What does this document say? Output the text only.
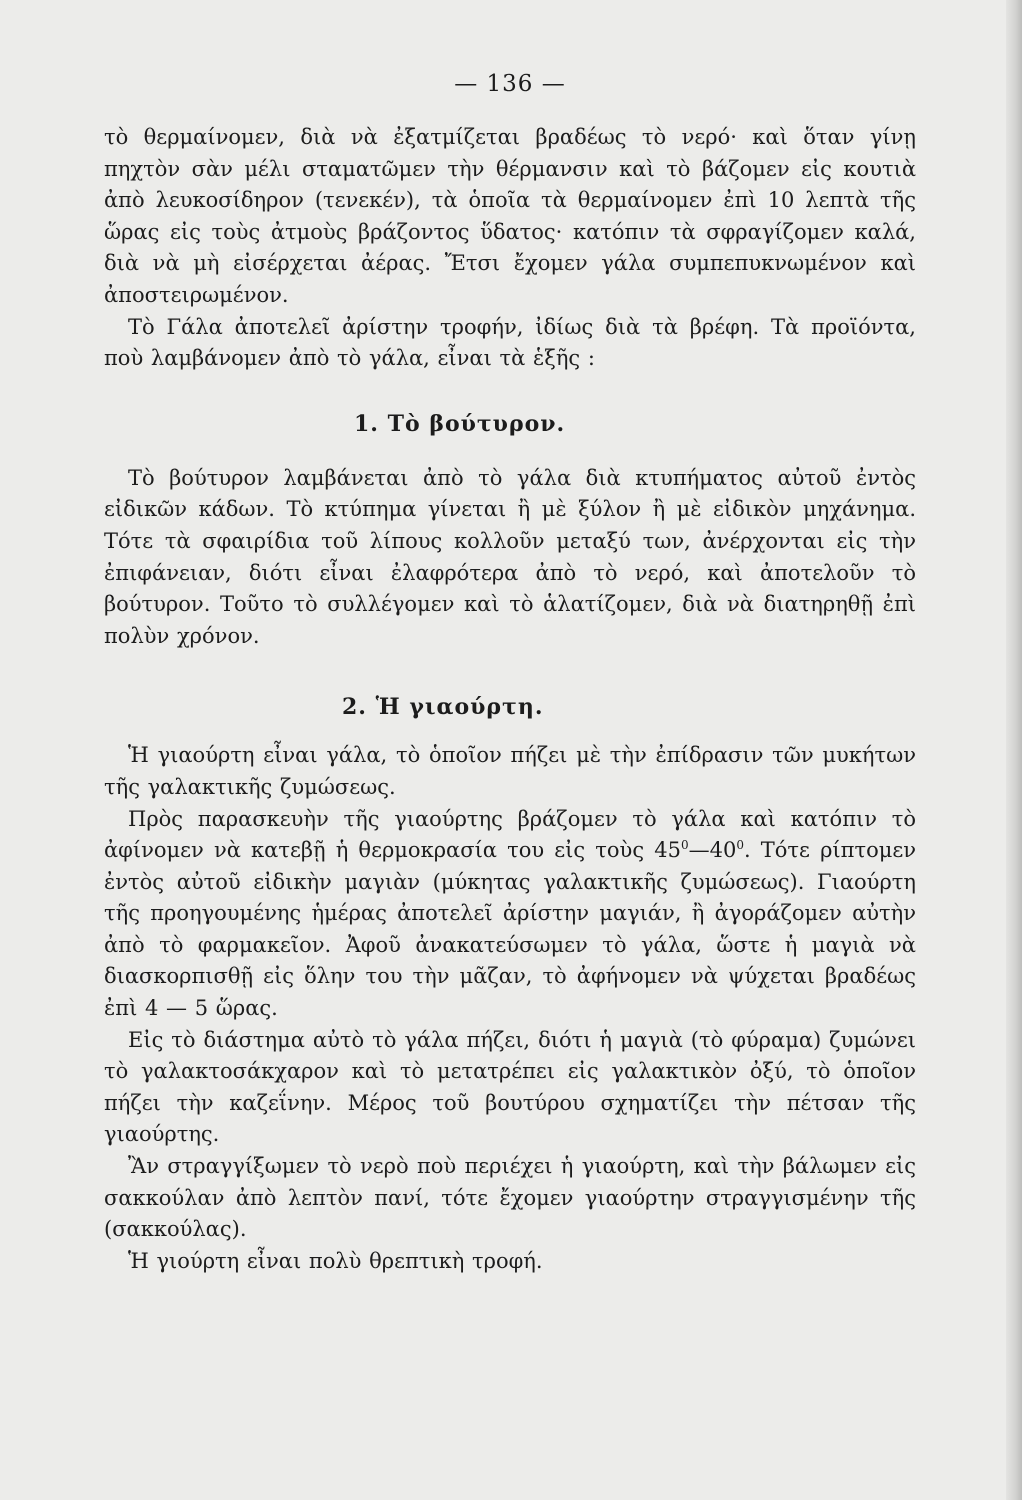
— 136 —

τὸ θερμαίνομεν, διὰ νὰ ἐξατμίζεται βραδέως τὸ νερό· καὶ ὅταν γίνῃ πηχτὸν σὰν μέλι σταματῶμεν τὴν θέρμανσιν καὶ τὸ βάζομεν εἰς κουτιὰ ἀπὸ λευκοσίδηρον (τενεκέν), τὰ ὁποῖα τὰ θερμαίνομεν ἐπὶ 10 λεπτὰ τῆς ὥρας εἰς τοὺς ἀτμοὺς βράζοντος ὕδατος· κατόπιν τὰ σφραγίζομεν καλά, διὰ νὰ μὴ εἰσέρχεται ἀέρας. Ἔτσι ἔχομεν γάλα συμπεπυκνωμένον καὶ ἀποστειρωμένον.

Τὸ Γάλα ἀποτελεῖ ἀρίστην τροφήν, ἰδίως διὰ τὰ βρέφη. Τὰ προϊόντα, ποὺ λαμβάνομεν ἀπὸ τὸ γάλα, εἶναι τὰ ἑξῆς :

1. Τὸ βούτυρον.

Τὸ βούτυρον λαμβάνεται ἀπὸ τὸ γάλα διὰ κτυπήματος αὐτοῦ ἐντὸς εἰδικῶν κάδων. Τὸ κτύπημα γίνεται ἢ μὲ ξύλον ἢ μὲ εἰδικὸν μηχάνημα. Τότε τὰ σφαιρίδια τοῦ λίπους κολλοῦν μεταξύ των, ἀνέρχονται εἰς τὴν ἐπιφάνειαν, διότι εἶναι ἐλαφρότερα ἀπὸ τὸ νερό, καὶ ἀποτελοῦν τὸ βούτυρον. Τοῦτο τὸ συλλέγομεν καὶ τὸ ἁλατίζομεν, διὰ νὰ διατηρηθῇ ἐπὶ πολὺν χρόνον.

2. Ἡ γιαούρτη.

Ἡ γιαούρτη εἶναι γάλα, τὸ ὁποῖον πήζει μὲ τὴν ἐπίδρασιν τῶν μυκήτων τῆς γαλακτικῆς ζυμώσεως.

Πρὸς παρασκευὴν τῆς γιαούρτης βράζομεν τὸ γάλα καὶ κατόπιν τὸ ἀφίνομεν νὰ κατεβῇ ἡ θερμοκρασία του εἰς τοὺς $45^0—40^0$. Τότε ρίπτομεν ἐντὸς αὐτοῦ εἰδικὴν μαγιὰν (μύκητας γαλακτικῆς ζυμώσεως). Γιαούρτη τῆς προηγουμένης ἡμέρας ἀποτελεῖ ἀρίστην μαγιάν, ἢ ἀγοράζομεν αὐτὴν ἀπὸ τὸ φαρμακεῖον. Ἀφοῦ ἀνακατεύσωμεν τὸ γάλα, ὥστε ἡ μαγιὰ νὰ διασκορπισθῇ εἰς ὅλην του τὴν μᾶζαν, τὸ ἀφήνομεν νὰ ψύχεται βραδέως ἐπὶ 4 — 5 ὥρας.

Εἰς τὸ διάστημα αὐτὸ τὸ γάλα πήζει, διότι ἡ μαγιὰ (τὸ φύραμα) ζυμώνει τὸ γαλακτοσάκχαρον καὶ τὸ μετατρέπει εἰς γαλακτικὸν ὀξύ, τὸ ὁποῖον πήζει τὴν καζεΐνην. Μέρος τοῦ βουτύρου σχηματίζει τὴν πέτσαν τῆς γιαούρτης.

Ἂν στραγγίξωμεν τὸ νερὸ ποὺ περιέχει ἡ γιαούρτη, καὶ τὴν βάλωμεν εἰς σακκούλαν ἀπὸ λεπτὸν πανί, τότε ἔχομεν γιαούρτην στραγγισμένην τῆς (σακκούλας).

Ἡ γιούρτη εἶναι πολὺ θρεπτικὴ τροφή.
